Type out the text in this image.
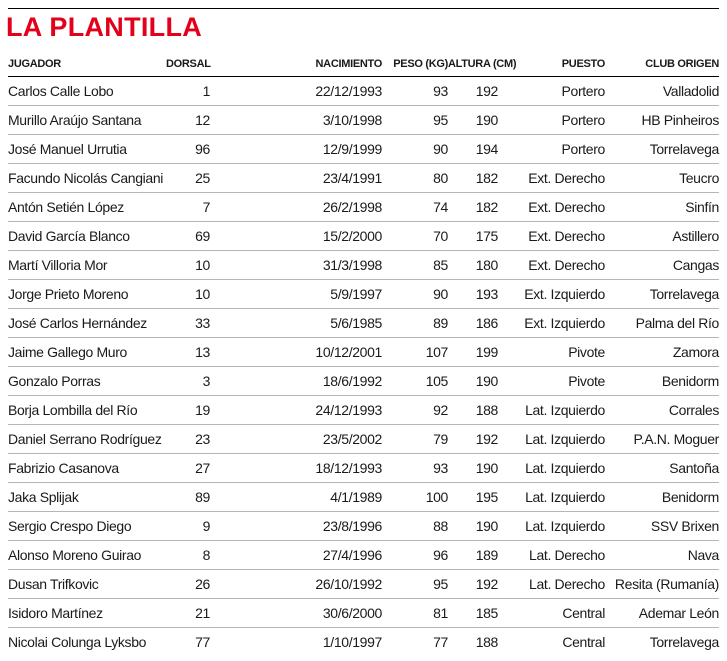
LA PLANTILLA
JUGADOR	DORSAL	NACIMIENTO	PESO (KG)	ALTURA (CM)	PUESTO	CLUB ORIGEN
Carlos Calle Lobo	1	22/12/1993	93	192	Portero	Valladolid
Murillo Araújo Santana	12	3/10/1998	95	190	Portero	HB Pinheiros
José Manuel Urrutia	96	12/9/1999	90	194	Portero	Torrelavega
Facundo Nicolás Cangiani	25	23/4/1991	80	182	Ext. Derecho	Teucro
Antón Setién López	7	26/2/1998	74	182	Ext. Derecho	Sinfín
David García Blanco	69	15/2/2000	70	175	Ext. Derecho	Astillero
Martí Villoria Mor	10	31/3/1998	85	180	Ext. Derecho	Cangas
Jorge Prieto Moreno	10	5/9/1997	90	193	Ext. Izquierdo	Torrelavega
José Carlos Hernández	33	5/6/1985	89	186	Ext. Izquierdo	Palma del Río
Jaime Gallego Muro	13	10/12/2001	107	199	Pivote	Zamora
Gonzalo Porras	3	18/6/1992	105	190	Pivote	Benidorm
Borja Lombilla del Río	19	24/12/1993	92	188	Lat. Izquierdo	Corrales
Daniel Serrano Rodríguez	23	23/5/2002	79	192	Lat. Izquierdo	P.A.N. Moguer
Fabrizio Casanova	27	18/12/1993	93	190	Lat. Izquierdo	Santoña
Jaka Splijak	89	4/1/1989	100	195	Lat. Izquierdo	Benidorm
Sergio Crespo Diego	9	23/8/1996	88	190	Lat. Izquierdo	SSV Brixen
Alonso Moreno Guirao	8	27/4/1996	96	189	Lat. Derecho	Nava
Dusan Trifkovic	26	26/10/1992	95	192	Lat. Derecho	Resita (Rumanía)
Isidoro Martínez	21	30/6/2000	81	185	Central	Ademar León
Nicolai Colunga Lyksbo	77	1/10/1997	77	188	Central	Torrelavega
